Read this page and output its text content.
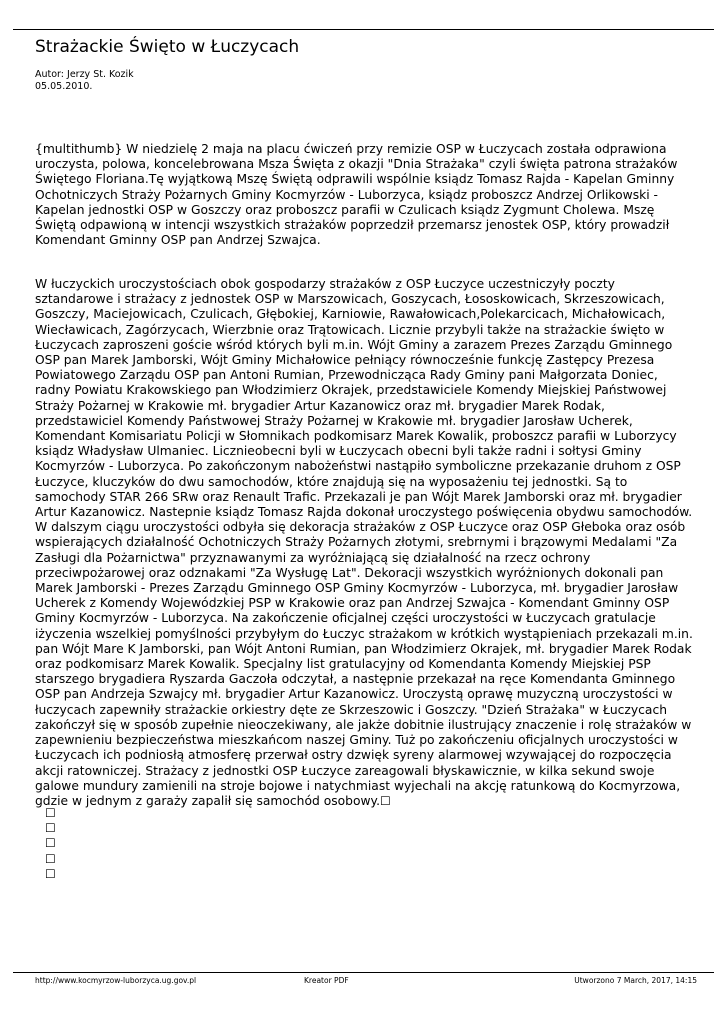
Strażackie Święto w Łuczycach
Autor: Jerzy St. Kozik
05.05.2010.

{multithumb} W niedzielę 2 maja na placu ćwiczeń przy remizie OSP w Łuczycach została odprawiona uroczysta, polowa, koncelebrowana Msza Święta z okazji "Dnia Strażaka" czyli święta patrona strażaków Świętego Floriana.Tę wyjątkową Mszę Świętą odprawili wspólnie ksiądz Tomasz Rajda - Kapelan Gminny Ochotniczych Straży Pożarnych Gminy Kocmyrzów - Luborzyca, ksiądz proboszcz Andrzej Orlikowski - Kapelan jednostki OSP w Goszczy oraz proboszcz parafii w Czulicach ksiądz Zygmunt Cholewa. Mszę Świętą odpawioną w intencji wszystkich strażaków poprzedził przemarsz jenostek OSP, który prowadził Komendant Gminny OSP pan Andrzej Szwajca.

W łuczyckich uroczystościach obok gospodarzy strażaków z OSP Łuczyce uczestniczyły poczty sztandarowe i strażacy z jednostek OSP w Marszowicach, Goszycach, Łososkowicach, Skrzeszowicach, Goszczy, Maciejowicach, Czulicach, Głębokiej, Karniowie, Rawałowicach,Polekarcicach, Michałowicach, Wiecławicach, Zagórzycach, Wierzbnie oraz Trątowicach. Licznie przybyli także na strażackie święto w Łuczycach zaproszeni goście wśród których byli m.in. Wójt Gminy a zarazem Prezes Zarządu Gminnego OSP pan Marek Jamborski, Wójt Gminy Michałowice pełniący równocześnie funkcję Zastępcy Prezesa Powiatowego Zarządu OSP pan Antoni Rumian, Przewodnicząca Rady Gminy pani Małgorzata Doniec, radny Powiatu Krakowskiego pan Włodzimierz Okrajek, przedstawiciele Komendy Miejskiej Państwowej Straży Pożarnej w Krakowie mł. brygadier Artur Kazanowicz oraz mł. brygadier Marek Rodak, przedstawiciel Komendy Państwowej Straży Pożarnej w Krakowie mł. brygadier Jarosław Ucherek, Komendant Komisariatu Policji w Słomnikach podkomisarz Marek Kowalik, proboszcz parafii w Luborzycy ksiądz Władysław Ulmaniec. Licznieobecni byli w Łuczycach obecni byli także radni i sołtysi Gminy Kocmyrzów - Luborzyca. Po zakończonym nabożeństwi nastąpiło symboliczne przekazanie druhom z OSP Łuczyce, kluczyków do dwu samochodów, które znajdują się na wyposażeniu tej jednostki. Są to samochody STAR 266 SRw oraz Renault Trafic. Przekazali je pan Wójt Marek Jamborski oraz mł. brygadier Artur Kazanowicz. Nastepnie ksiądz Tomasz Rajda dokonał uroczystego poświęcenia obydwu samochodów. W dalszym ciągu uroczystości odbyła się dekoracja strażaków z OSP Łuczyce oraz OSP Głeboka oraz osób wspierających działalność Ochotniczych Straży Pożarnych złotymi, srebrnymi i brązowymi Medalami "Za Zasługi dla Pożarnictwa" przyznawanymi za wyróżniającą się działalność na rzecz ochrony przeciwpożarowej oraz odznakami "Za Wysługę Lat". Dekoracji wszystkich wyróżnionych dokonali pan Marek Jamborski - Prezes Zarządu Gminnego OSP Gminy Kocmyrzów - Luborzyca, mł. brygadier Jarosław Ucherek z Komendy Wojewódzkiej PSP w Krakowie oraz pan Andrzej Szwajca - Komendant Gminny OSP Gminy Kocmyrzów - Luborzyca. Na zakończenie oficjalnej części uroczystości w Łuczycach gratulacje iżyczenia wszelkiej pomyślności przybyłym do Łuczyc strażakom w krótkich wystąpieniach przekazali m.in. pan Wójt Mare K Jamborski, pan Wójt Antoni Rumian, pan Włodzimierz Okrajek, mł. brygadier Marek Rodak oraz podkomisarz Marek Kowalik. Specjalny list gratulacyjny od Komendanta Komendy Miejskiej PSP starszego brygadiera Ryszarda Gaczoła odczytał, a następnie przekazał na ręce Komendanta Gminnego OSP pan Andrzeja Szwajcy mł. brygadier Artur Kazanowicz. Uroczystą oprawę muzyczną uroczystości w łuczycach zapewniły strażackie orkiestry dęte ze Skrzeszowic i Goszczy. "Dzień Strażaka" w Łuczycach zakończył się w sposób zupełnie nieoczekiwany, ale jakże dobitnie ilustrujący znaczenie i rolę strażaków w zapewnieniu bezpieczeństwa mieszkańcom naszej Gminy. Tuż po zakończeniu oficjalnych uroczystości w Łuczycach ich podniosłą atmosferę przerwał ostry dzwięk syreny alarmowej wzywającej do rozpoczęcia akcji ratowniczej. Strażacy z jednostki OSP Łuczyce zareagowali błyskawicznie, w kilka sekund swoje galowe mundury zamienili na stroje bojowe i natychmiast wyjechali na akcję ratunkową do Kocmyrzowa, gdzie w jednym z garaży zapalił się samochód osobowy.☐

☐
☐
☐
☐
☐
http://www.kocmyrzow-luborzyca.ug.gov.pl	Kreator PDF	Utworzono 7 March, 2017, 14:15
